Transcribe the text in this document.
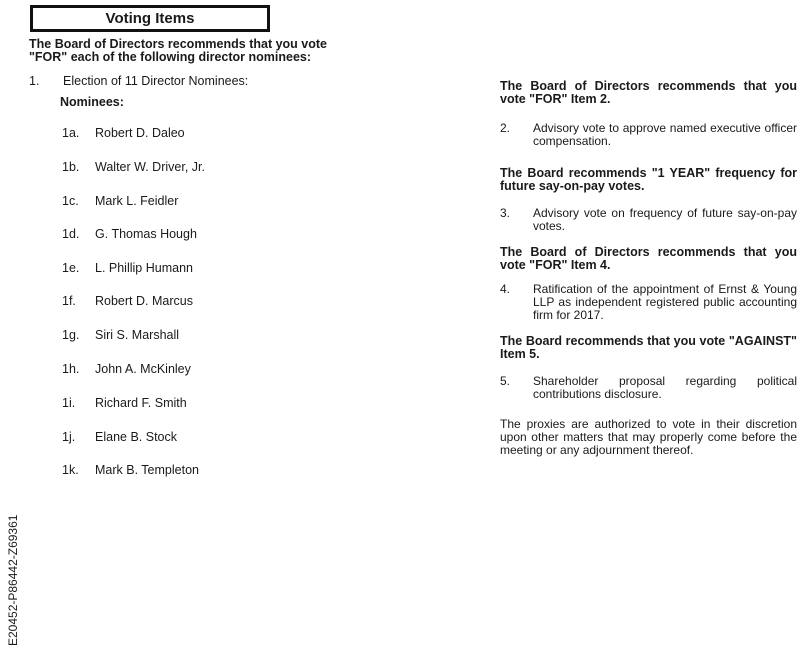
Voting Items
The Board of Directors recommends that you vote "FOR" each of the following director nominees:
1. Election of 11 Director Nominees:
Nominees:
1a. Robert D. Daleo
1b. Walter W. Driver, Jr.
1c. Mark L. Feidler
1d. G. Thomas Hough
1e. L. Phillip Humann
1f. Robert D. Marcus
1g. Siri S. Marshall
1h. John A. McKinley
1i. Richard F. Smith
1j. Elane B. Stock
1k. Mark B. Templeton
The Board of Directors recommends that you vote "FOR" Item 2.
2.	Advisory vote to approve named executive officer compensation.
The Board recommends "1 YEAR" frequency for future say-on-pay votes.
3.	Advisory vote on frequency of future say-on-pay votes.
The Board of Directors recommends that you vote "FOR" Item 4.
4.	Ratification of the appointment of Ernst & Young LLP as independent registered public accounting firm for 2017.
The Board recommends that you vote "AGAINST" Item 5.
5.	Shareholder proposal regarding political contributions disclosure.
The proxies are authorized to vote in their discretion upon other matters that may properly come before the meeting or any adjournment thereof.
E20452-P86442-Z69361
